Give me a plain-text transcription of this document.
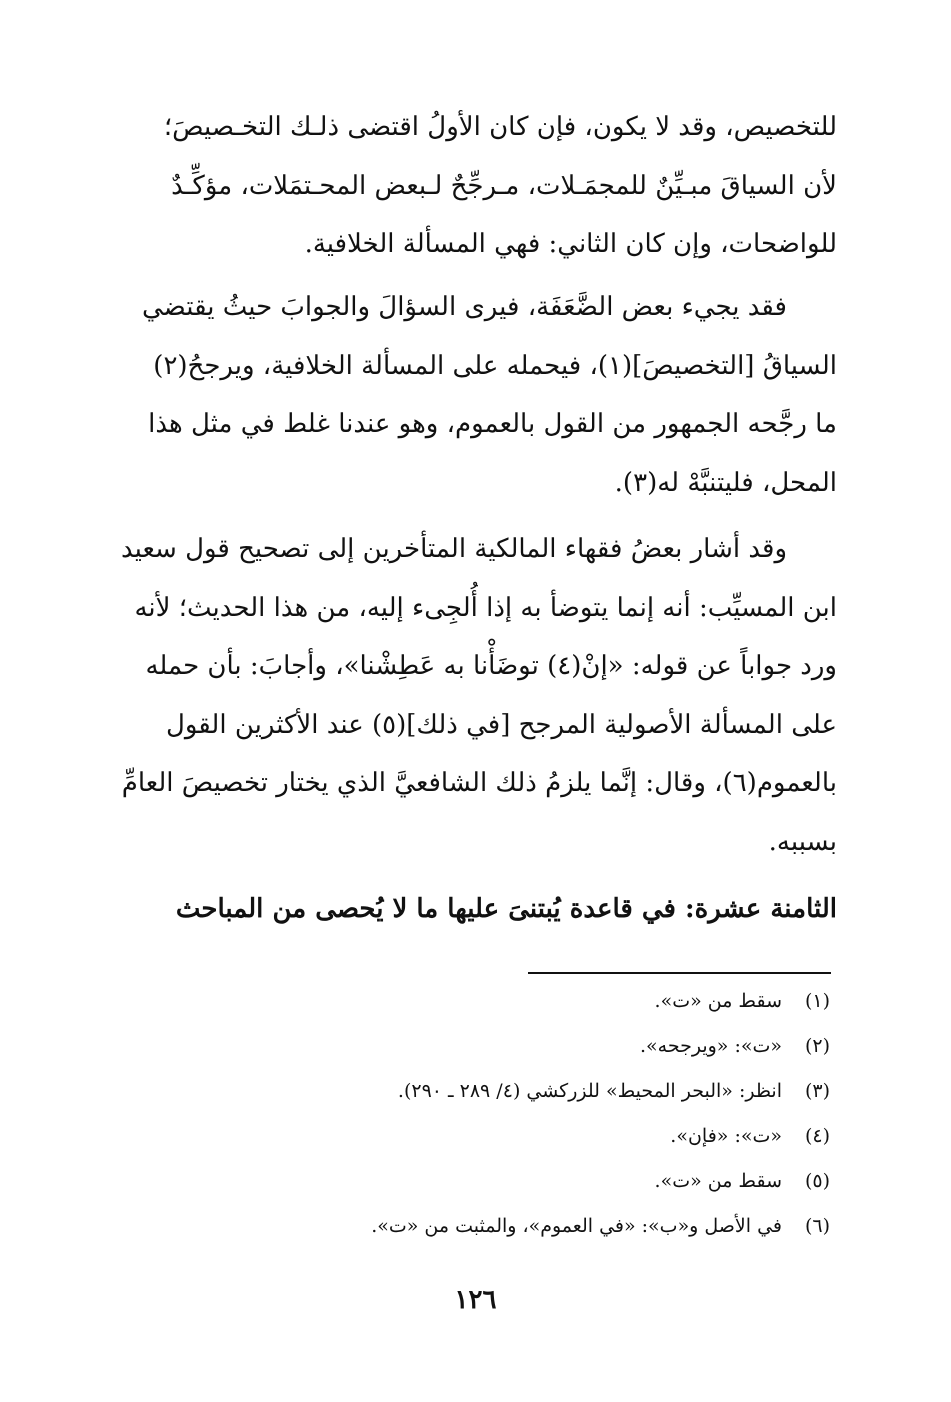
للتخصيص، وقد لا يكون، فإن كان الأولُ اقتضى ذلـك التخـصيصَ؛
لأن السياقَ مبـيِّنٌ للمجمَـلات، مـرجِّحٌ لـبعض المحـتمَلات، مؤكِّـدٌ
للواضحات، وإن كان الثاني: فهي المسألة الخلافية.
فقد يجيء بعض الضَّعَفَة، فيرى السؤالَ والجوابَ حيثُ يقتضي
السياقُ [التخصيصَ](١)، فيحمله على المسألة الخلافية، ويرجحُ(٢)
ما رجَّحه الجمهور من القول بالعموم، وهو عندنا غلط في مثل هذا
المحل، فليتنبَّهْ له(٣).
وقد أشار بعضُ فقهاء المالكية المتأخرين إلى تصحيح قول سعيد
ابن المسيِّب: أنه إنما يتوضأ به إذا أُلجِىء إليه، من هذا الحديث؛ لأنه
ورد جواباً عن قوله: «إنْ(٤) توضَأْنا به عَطِشْنا»، وأجابَ: بأن حمله
على المسألة الأصولية المرجح [في ذلك](٥) عند الأكثرين القول
بالعموم(٦)، وقال: إنَّما يلزمُ ذلك الشافعيَّ الذي يختار تخصيصَ العامِّ
بسببه.
الثامنة عشرة: في قاعدة يُبتنىَ عليها ما لا يُحصى من المباحث
(١)
سقط من «ت».
(٢)
«ت»: «ويرجحه».
(٣)
انظر: «البحر المحيط» للزركشي (٤/ ٢٨٩ ـ ٢٩٠).
(٤)
«ت»: «فإن».
(٥)
سقط من «ت».
(٦)
في الأصل و«ب»: «في العموم»، والمثبت من «ت».
١٢٦
